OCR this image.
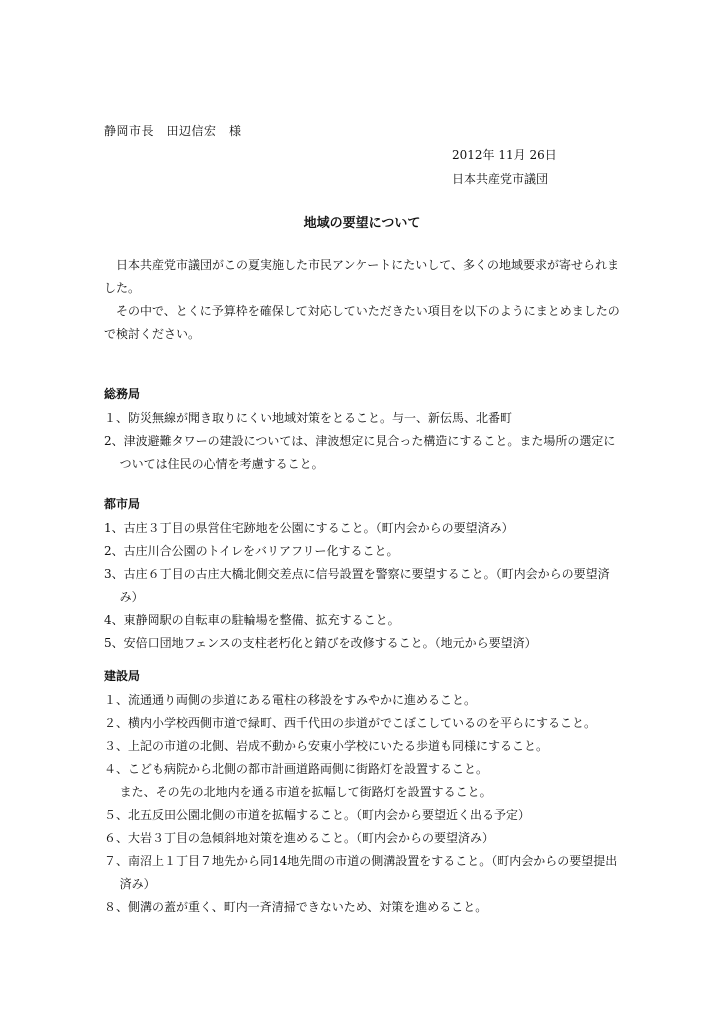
静岡市長　田辺信宏　様
2012年 11月 26日
日本共産党市議団
地域の要望について

日本共産党市議団がこの夏実施した市民アンケートにたいして、多くの地域要求が寄せられました。

その中で、とくに予算枠を確保して対応していただきたい項目を以下のようにまとめましたので検討ください。

総務局
１、防災無線が聞き取りにくい地域対策をとること。与一、新伝馬、北番町
2、津波避難タワーの建設については、津波想定に見合った構造にすること。また場所の選定については住民の心情を考慮すること。
都市局
1、古庄３丁目の県営住宅跡地を公園にすること。（町内会からの要望済み）
2、古庄川合公園のトイレをバリアフリー化すること。
3、古庄６丁目の古庄大橋北側交差点に信号設置を警察に要望すること。（町内会からの要望済み）
4、東静岡駅の自転車の駐輪場を整備、拡充すること。
5、安倍口団地フェンスの支柱老朽化と錆びを改修すること。（地元から要望済）
建設局
１、流通通り両側の歩道にある電柱の移設をすみやかに進めること。
２、横内小学校西側市道で緑町、西千代田の歩道がでこぼこしているのを平らにすること。
３、上記の市道の北側、岩成不動から安東小学校にいたる歩道も同様にすること。
４、こども病院から北側の都市計画道路両側に街路灯を設置すること。
また、その先の北地内を通る市道を拡幅して街路灯を設置すること。
５、北五反田公園北側の市道を拡幅すること。（町内会から要望近く出る予定）
６、大岩３丁目の急傾斜地対策を進めること。（町内会からの要望済み）
７、南沼上１丁目７地先から同14地先間の市道の側溝設置をすること。（町内会からの要望提出済み）
８、側溝の蓋が重く、町内一斉清掃できないため、対策を進めること。
